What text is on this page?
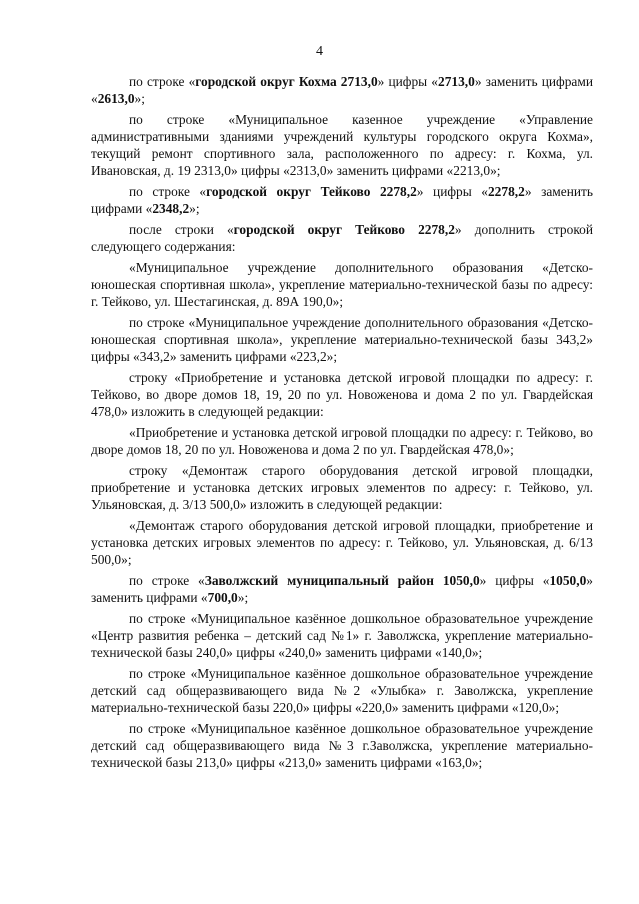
4

по строке «городской округ Кохма 2713,0» цифры «2713,0» заменить цифрами «2613,0»;

по строке «Муниципальное казенное учреждение «Управление административными зданиями учреждений культуры городского округа Кохма», текущий ремонт спортивного зала, расположенного по адресу: г. Кохма, ул. Ивановская, д. 19 2313,0» цифры «2313,0» заменить цифрами «2213,0»;

по строке «городской округ Тейково 2278,2» цифры «2278,2» заменить цифрами «2348,2»;

после строки «городской округ Тейково 2278,2» дополнить строкой следующего содержания:

«Муниципальное учреждение дополнительного образования «Детско-юношеская спортивная школа», укрепление материально-технической базы по адресу: г. Тейково, ул. Шестагинская, д. 89А 190,0»;

по строке «Муниципальное учреждение дополнительного образования «Детско-юношеская спортивная школа», укрепление материально-технической базы 343,2» цифры «343,2» заменить цифрами «223,2»;

строку «Приобретение и установка детской игровой площадки по адресу: г. Тейково, во дворе домов 18, 19, 20 по ул. Новоженова и дома 2 по ул. Гвардейская 478,0» изложить в следующей редакции:

«Приобретение и установка детской игровой площадки по адресу: г. Тейково, во дворе домов 18, 20 по ул. Новоженова и дома 2 по ул. Гвардейская 478,0»;

строку «Демонтаж старого оборудования детской игровой площадки, приобретение и установка детских игровых элементов по адресу: г. Тейково, ул. Ульяновская, д. 3/13 500,0» изложить в следующей редакции:

«Демонтаж старого оборудования детской игровой площадки, приобретение и установка детских игровых элементов по адресу: г. Тейково, ул. Ульяновская, д. 6/13 500,0»;

по строке «Заволжский муниципальный район 1050,0» цифры «1050,0» заменить цифрами «700,0»;

по строке «Муниципальное казённое дошкольное образовательное учреждение «Центр развития ребенка – детский сад №1» г. Заволжска, укрепление материально-технической базы 240,0» цифры «240,0» заменить цифрами «140,0»;

по строке «Муниципальное казённое дошкольное образовательное учреждение детский сад общеразвивающего вида №2 «Улыбка» г. Заволжска, укрепление материально-технической базы 220,0» цифры «220,0» заменить цифрами «120,0»;

по строке «Муниципальное казённое дошкольное образовательное учреждение детский сад общеразвивающего вида №3 г.Заволжска, укрепление материально-технической базы 213,0» цифры «213,0» заменить цифрами «163,0»;
